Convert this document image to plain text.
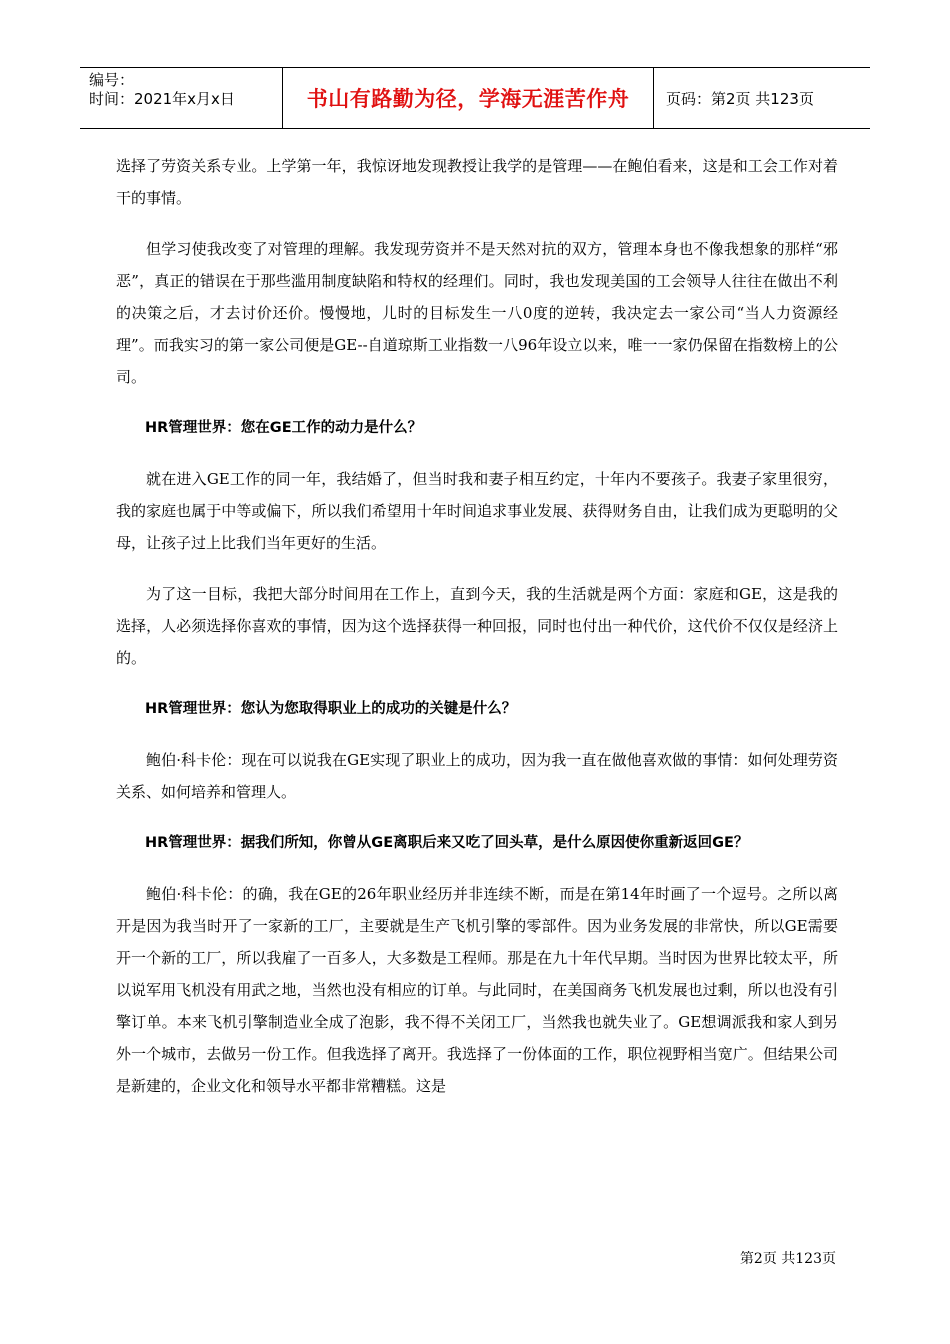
编号：
时间：2021年x月x日	书山有路勤为径，学海无涯苦作舟 页码：第2页 共123页

选择了劳资关系专业。上学第一年，我惊讶地发现教授让我学的是管理——在鲍伯看来，这是和工会工作对着干的事情。

但学习使我改变了对管理的理解。我发现劳资并不是天然对抗的双方，管理本身也不像我想象的那样“邪恶”，真正的错误在于那些滥用制度缺陷和特权的经理们。同时，我也发现美国的工会领导人往往在做出不利的决策之后，才去讨价还价。慢慢地，儿时的目标发生一八0度的逆转，我决定去一家公司“当人力资源经理”。而我实习的第一家公司便是GE--自道琼斯工业指数一八96年设立以来，唯一一家仍保留在指数榜上的公司。

HR管理世界：您在GE工作的动力是什么？

就在进入GE工作的同一年，我结婚了，但当时我和妻子相互约定，十年内不要孩子。我妻子家里很穷，我的家庭也属于中等或偏下，所以我们希望用十年时间追求事业发展、获得财务自由，让我们成为更聪明的父母，让孩子过上比我们当年更好的生活。

为了这一目标，我把大部分时间用在工作上，直到今天，我的生活就是两个方面：家庭和GE，这是我的选择，人必须选择你喜欢的事情，因为这个选择获得一种回报，同时也付出一种代价，这代价不仅仅是经济上的。

HR管理世界：您认为您取得职业上的成功的关键是什么？

鲍伯·科卡伦：现在可以说我在GE实现了职业上的成功，因为我一直在做他喜欢做的事情：如何处理劳资关系、如何培养和管理人。

HR管理世界：据我们所知，你曾从GE离职后来又吃了回头草，是什么原因使你重新返回GE？

鲍伯·科卡伦：的确，我在GE的26年职业经历并非连续不断，而是在第14年时画了一个逗号。之所以离开是因为我当时开了一家新的工厂，主要就是生产飞机引擎的零部件。因为业务发展的非常快，所以GE需要开一个新的工厂，所以我雇了一百多人，大多数是工程师。那是在九十年代早期。当时因为世界比较太平，所以说军用飞机没有用武之地，当然也没有相应的订单。与此同时，在美国商务飞机发展也过剩，所以也没有引擎订单。本来飞机引擎制造业全成了泡影，我不得不关闭工厂，当然我也就失业了。GE想调派我和家人到另外一个城市，去做另一份工作。但我选择了离开。我选择了一份体面的工作，职位视野相当宽广。但结果公司是新建的，企业文化和领导水平都非常糟糕。这是

第2页 共123页
